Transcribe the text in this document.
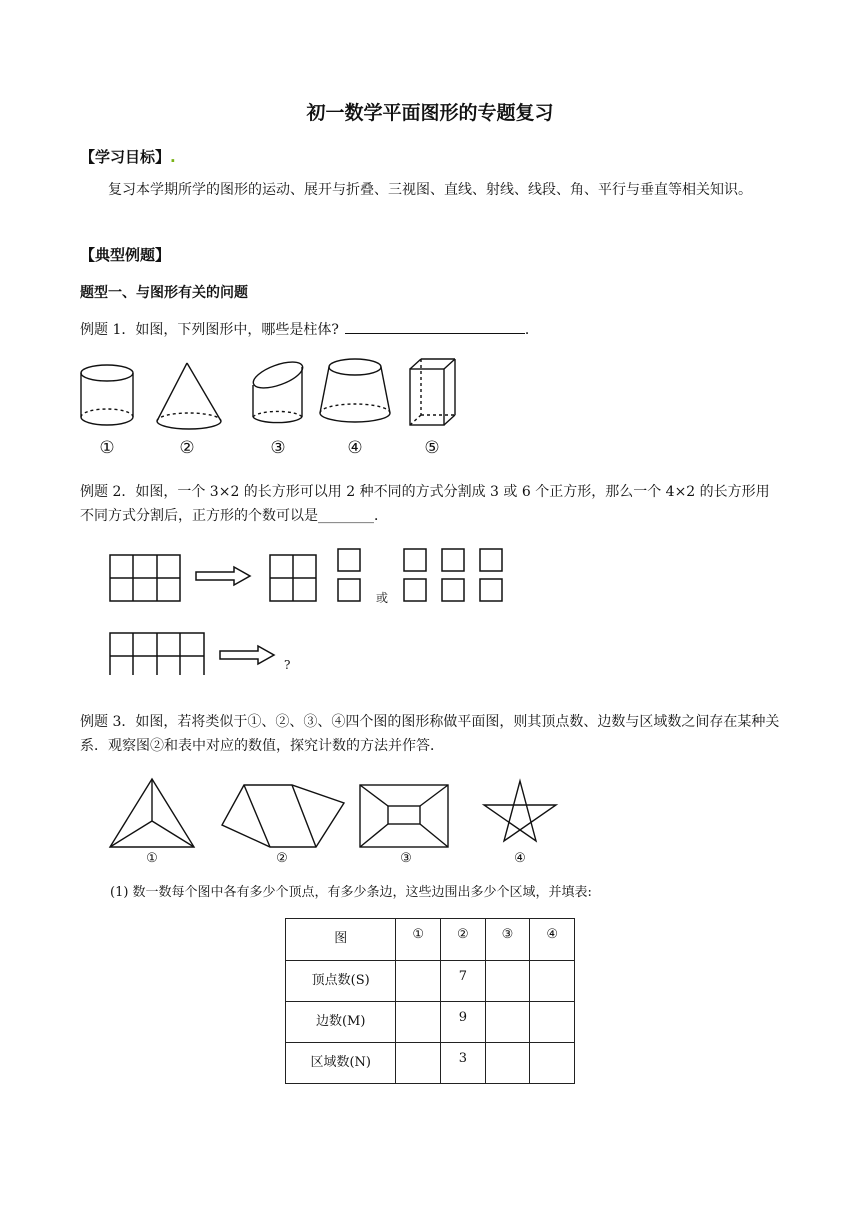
初一数学平面图形的专题复习
【学习目标】.
复习本学期所学的图形的运动、展开与折叠、三视图、直线、射线、线段、角、平行与垂直等相关知识。
【典型例题】
题型一、与图形有关的问题
例题 1．如图，下列图形中，哪些是柱体?	．
①	②	③	④	⑤
例题 2．如图，一个 3×2 的长方形可以用 2 种不同的方式分割成 3 或 6 个正方形，那么一个 4×2 的长方形用不同方式分割后，正方形的个数可以是________．
或
?
例题 3．如图，若将类似于①、②、③、④四个图的图形称做平面图，则其顶点数、边数与区域数之间存在某种关系．观察图②和表中对应的数值，探究计数的方法并作答．
①	②	③	④
(1) 数一数每个图中各有多少个顶点，有多少条边，这些边围出多少个区域，并填表:
图	①	②	③	④
顶点数(S)		7		
边数(M)		9		
区域数(N)		3		
